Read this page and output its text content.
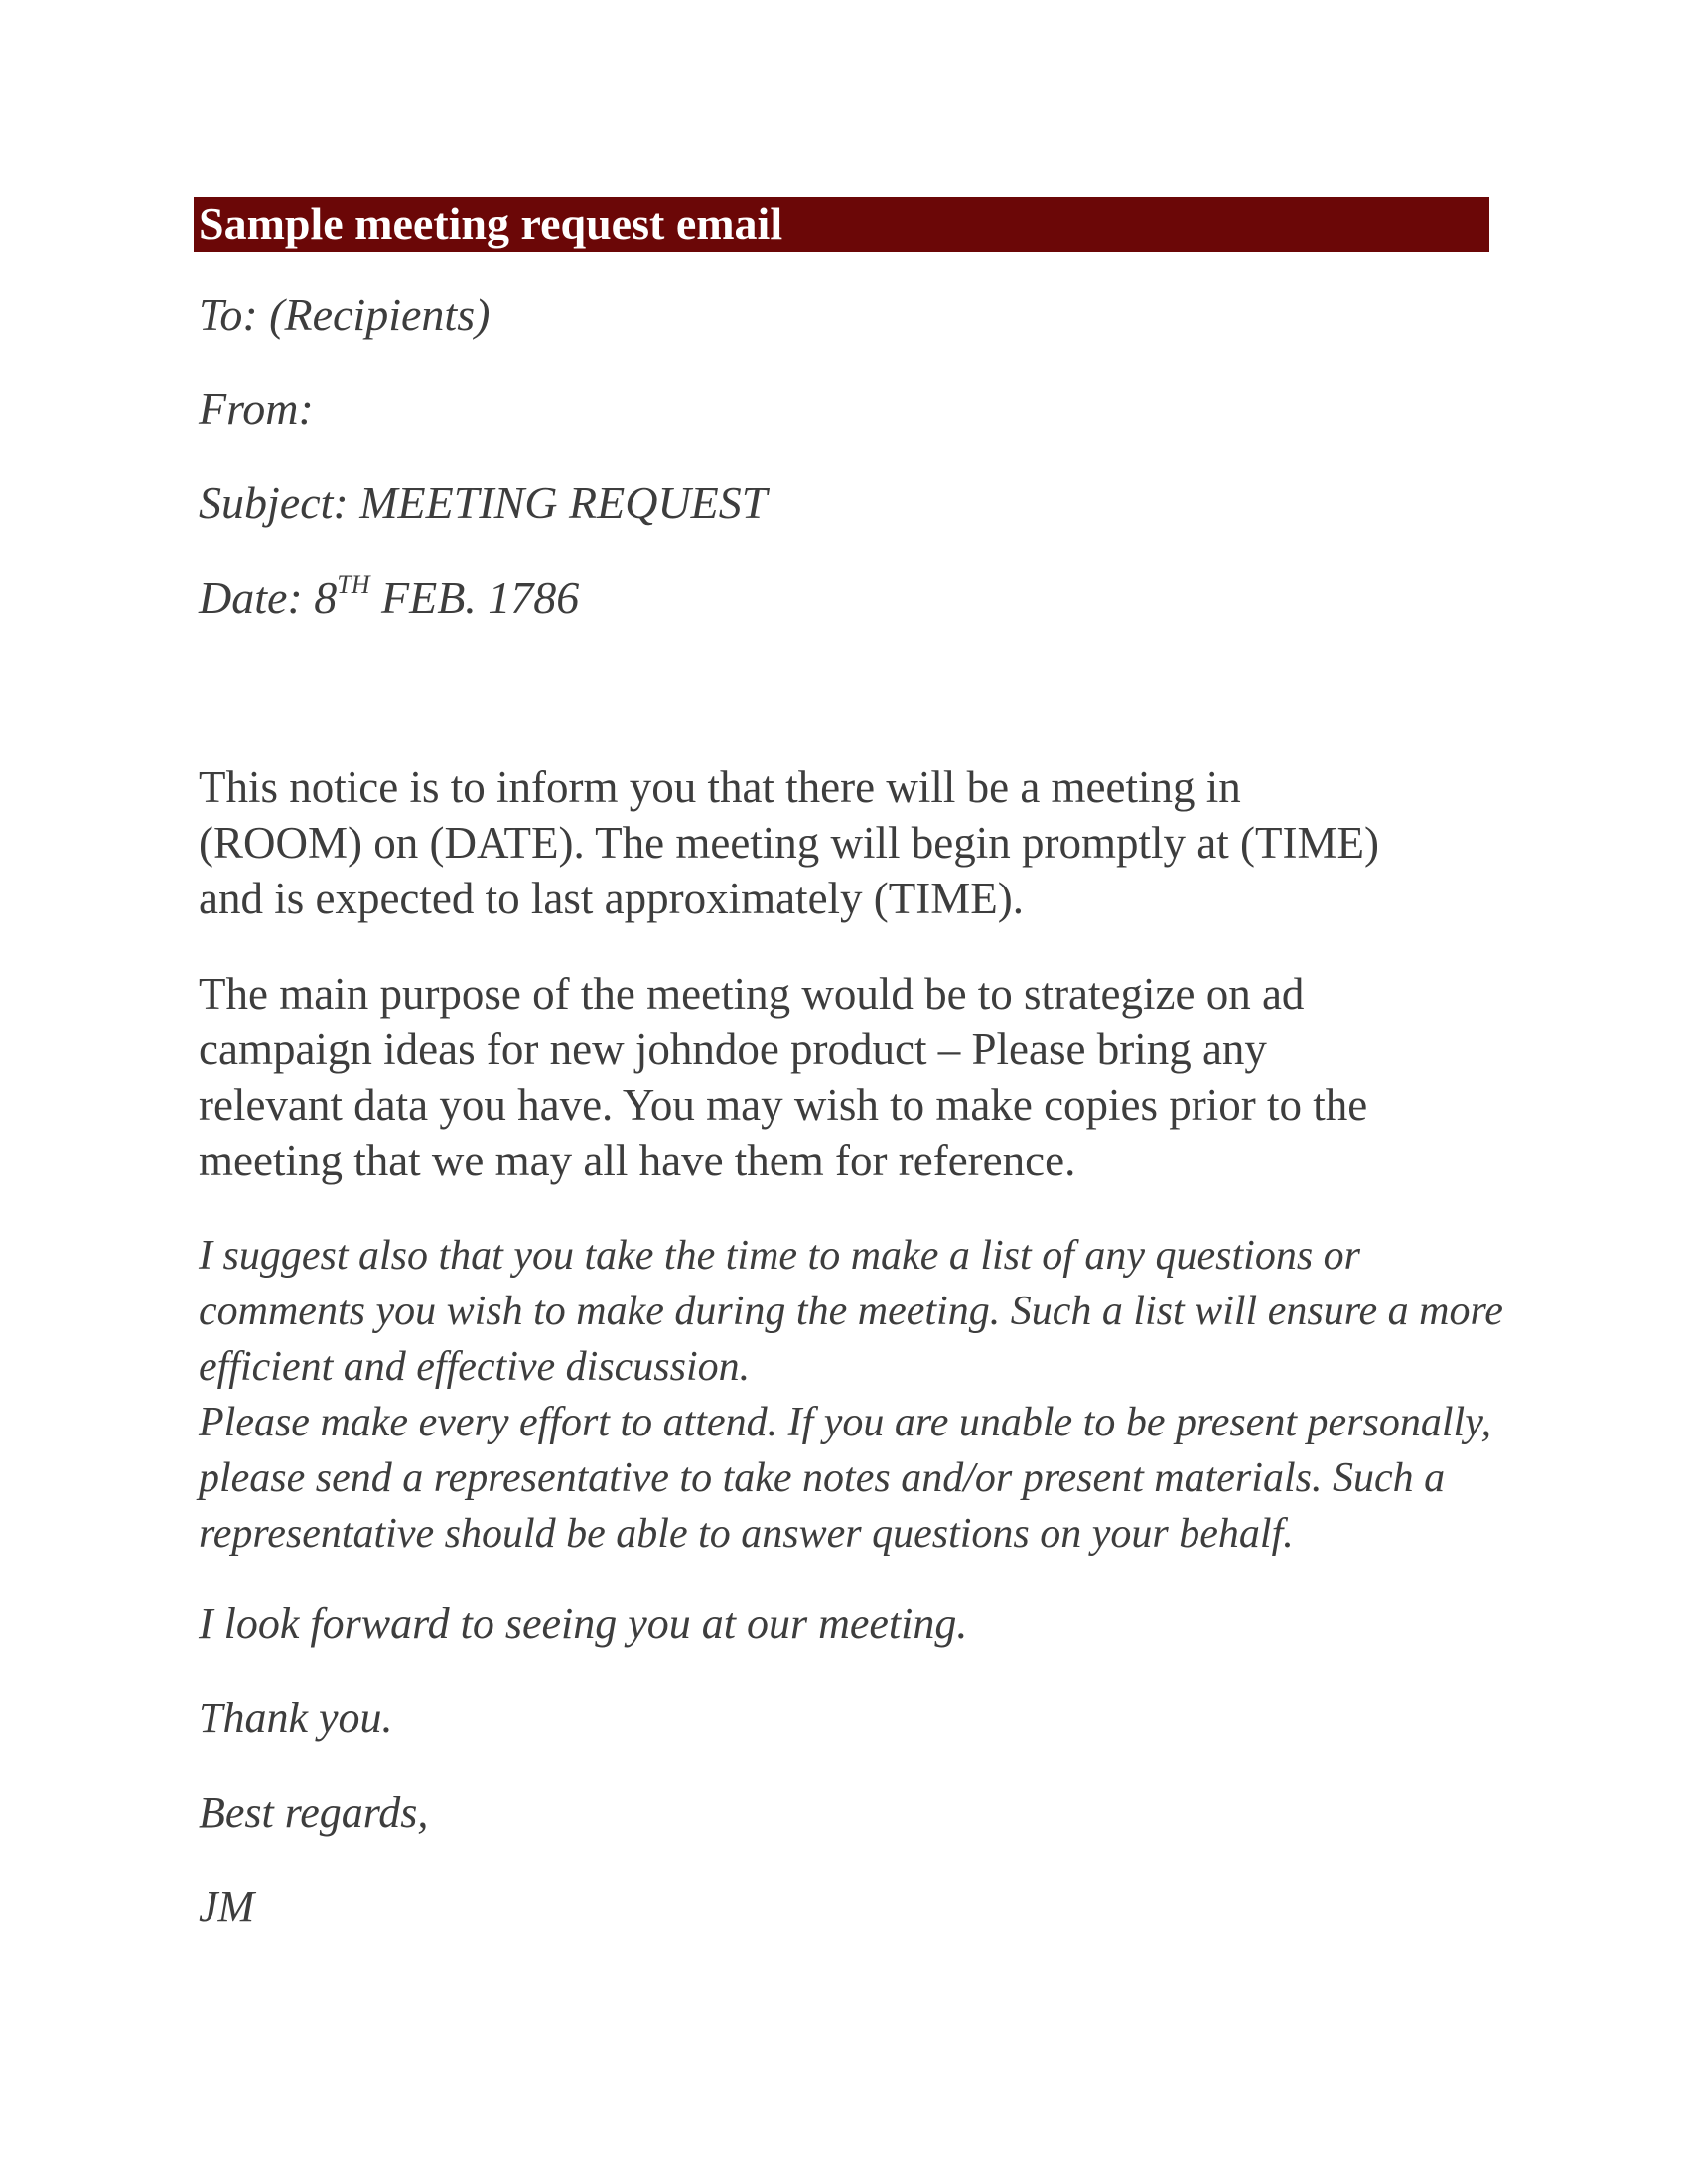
Sample meeting request email
To: (Recipients)
From:
Subject: MEETING REQUEST
Date: 8TH FEB. 1786
This notice is to inform you that there will be a meeting in
(ROOM) on (DATE). The meeting will begin promptly at (TIME)
and is expected to last approximately (TIME).
The main purpose of the meeting would be to strategize on ad
campaign ideas for new johndoe product – Please bring any
relevant data you have. You may wish to make copies prior to the
meeting that we may all have them for reference.
I suggest also that you take the time to make a list of any questions or
comments you wish to make during the meeting. Such a list will ensure a more
efficient and effective discussion.
Please make every effort to attend. If you are unable to be present personally,
please send a representative to take notes and/or present materials. Such a
representative should be able to answer questions on your behalf.
I look forward to seeing you at our meeting.
Thank you.
Best regards,
JM
